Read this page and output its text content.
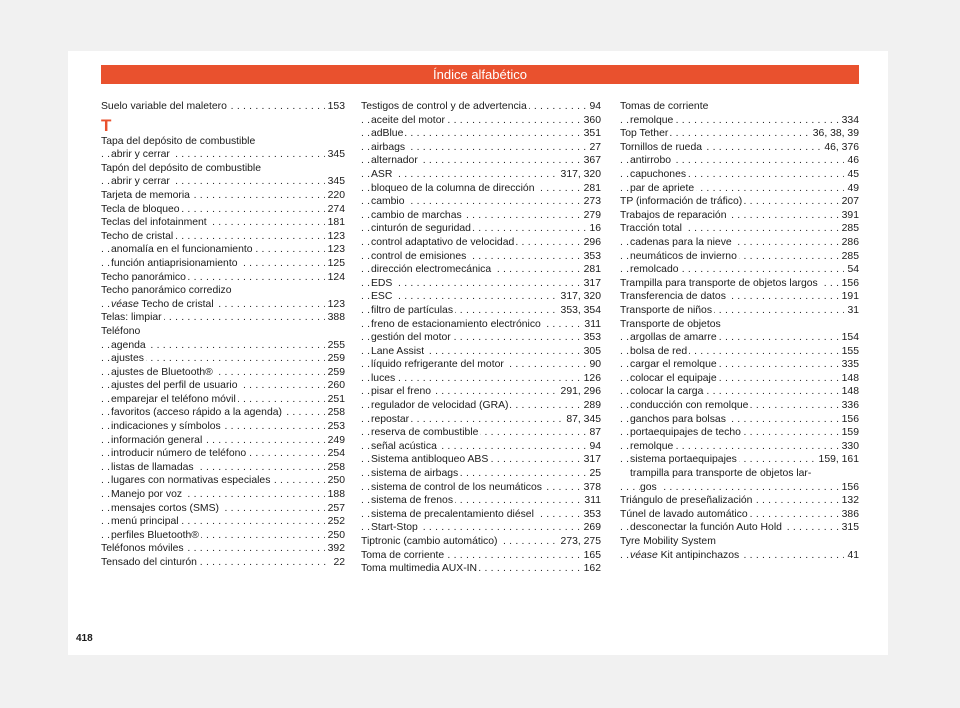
Índice alfabético
. . . Suelo variable del maletero	153
T
Tapa del depósito de combustible
. . . abrir y cerrar	345
Tapón del depósito de combustible
. . . abrir y cerrar	345
. . . Tarjeta de memoria	220
. . . Tecla de bloqueo	274
. . . Teclas del infotainment	181
. . . Techo de cristal	123
. . . anomalía en el funcionamiento	123
. . . función antiaprisionamiento	125
. . . Techo panorámico	124
Techo panorámico corredizo
. . . véase Techo de cristal	123
. . . Telas: limpiar	388
Teléfono
. . . agenda	255
. . . ajustes	259
. . . ajustes de Bluetooth®	259
. . . ajustes del perfil de usuario	260
. . . emparejar el teléfono móvil	251
. . . favoritos (acceso rápido a la agenda)	258
. . . indicaciones y símbolos	253
. . . información general	249
. . . introducir número de teléfono	254
. . . listas de llamadas	258
. . . lugares con normativas especiales	250
. . . Manejo por voz	188
. . . mensajes cortos (SMS)	257
. . . menú principal	252
. . . perfiles Bluetooth®	250
. . . Teléfonos móviles	392
. . . Tensado del cinturón	22
. . . Testigos de control y de advertencia	94
. . . aceite del motor	360
. . . adBlue	351
. . . airbags	27
. . . alternador	367
. . . ASR	317, 320
. . . bloqueo de la columna de dirección	281
. . . cambio	273
. . . cambio de marchas	279
. . . cinturón de seguridad	16
. . . control adaptativo de velocidad	296
. . . control de emisiones	353
. . . dirección electromecánica	281
. . . EDS	317
. . . ESC	317, 320
. . . filtro de partículas	353, 354
. . . freno de estacionamiento electrónico	311
. . . gestión del motor	353
. . . Lane Assist	305
. . . líquido refrigerante del motor	90
. . . luces	126
. . . pisar el freno	291, 296
. . . regulador de velocidad (GRA)	289
. . . repostar	87, 345
. . . reserva de combustible	87
. . . señal acústica	94
. . . Sistema antibloqueo ABS	317
. . . sistema de airbags	25
. . . sistema de control de los neumáticos	378
. . . sistema de frenos	311
. . . sistema de precalentamiento diésel	353
. . . Start-Stop	269
. . . Tiptronic (cambio automático)	273, 275
. . . Toma de corriente	165
. . . Toma multimedia AUX-IN	162
Tomas de corriente
. . . remolque	334
. . . Top Tether	36, 38, 39
. . . Tornillos de rueda	46, 376
. . . antirrobo	46
. . . capuchones	45
. . . par de apriete	49
. . . TP (información de tráfico)	207
. . . Trabajos de reparación	391
. . . Tracción total	285
. . . cadenas para la nieve	286
. . . neumáticos de invierno	285
. . . remolcado	54
. . . Trampilla para transporte de objetos largos 156
. . . Transferencia de datos	191
. . . Transporte de niños	31
Transporte de objetos
. . . argollas de amarre	154
. . . bolsa de red	155
. . . cargar el remolque	335
. . . colocar el equipaje	148
. . . colocar la carga	148
. . . conducción con remolque	336
. . . ganchos para bolsas	156
. . . portaequipajes de techo	159
. . . remolque	330
. . . sistema portaequipajes	159, 161
trampilla para transporte de objetos lar-
. . . gos	156
. . . Triángulo de preseñalización	132
. . . Túnel de lavado automático	386
. . . desconectar la función Auto Hold	315
Tyre Mobility System
. . . véase Kit antipinchazos	41
418
